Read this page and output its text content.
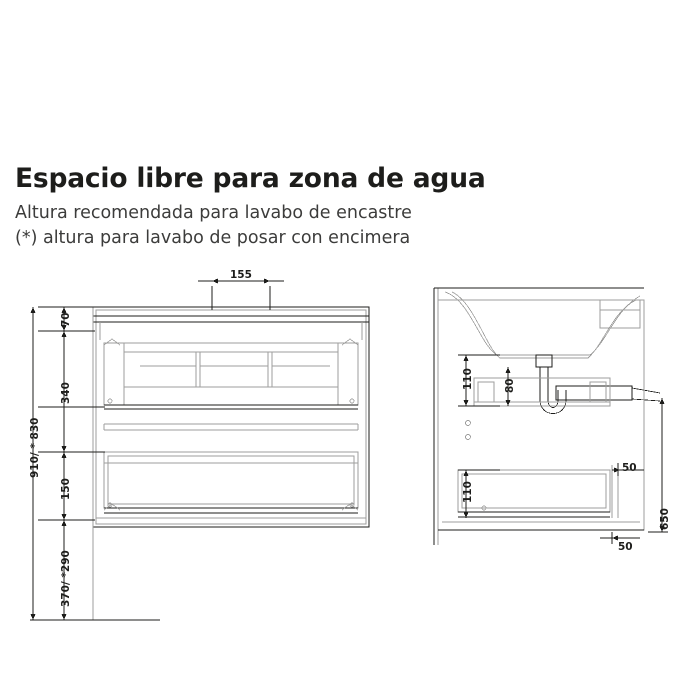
Espacio libre para zona de agua
Altura recomendada para lavabo de encastre
(*) altura para lavabo de posar con encimera
155
70
340
150
910/ * 830
370/ *290
110	80
110
50
50
650
